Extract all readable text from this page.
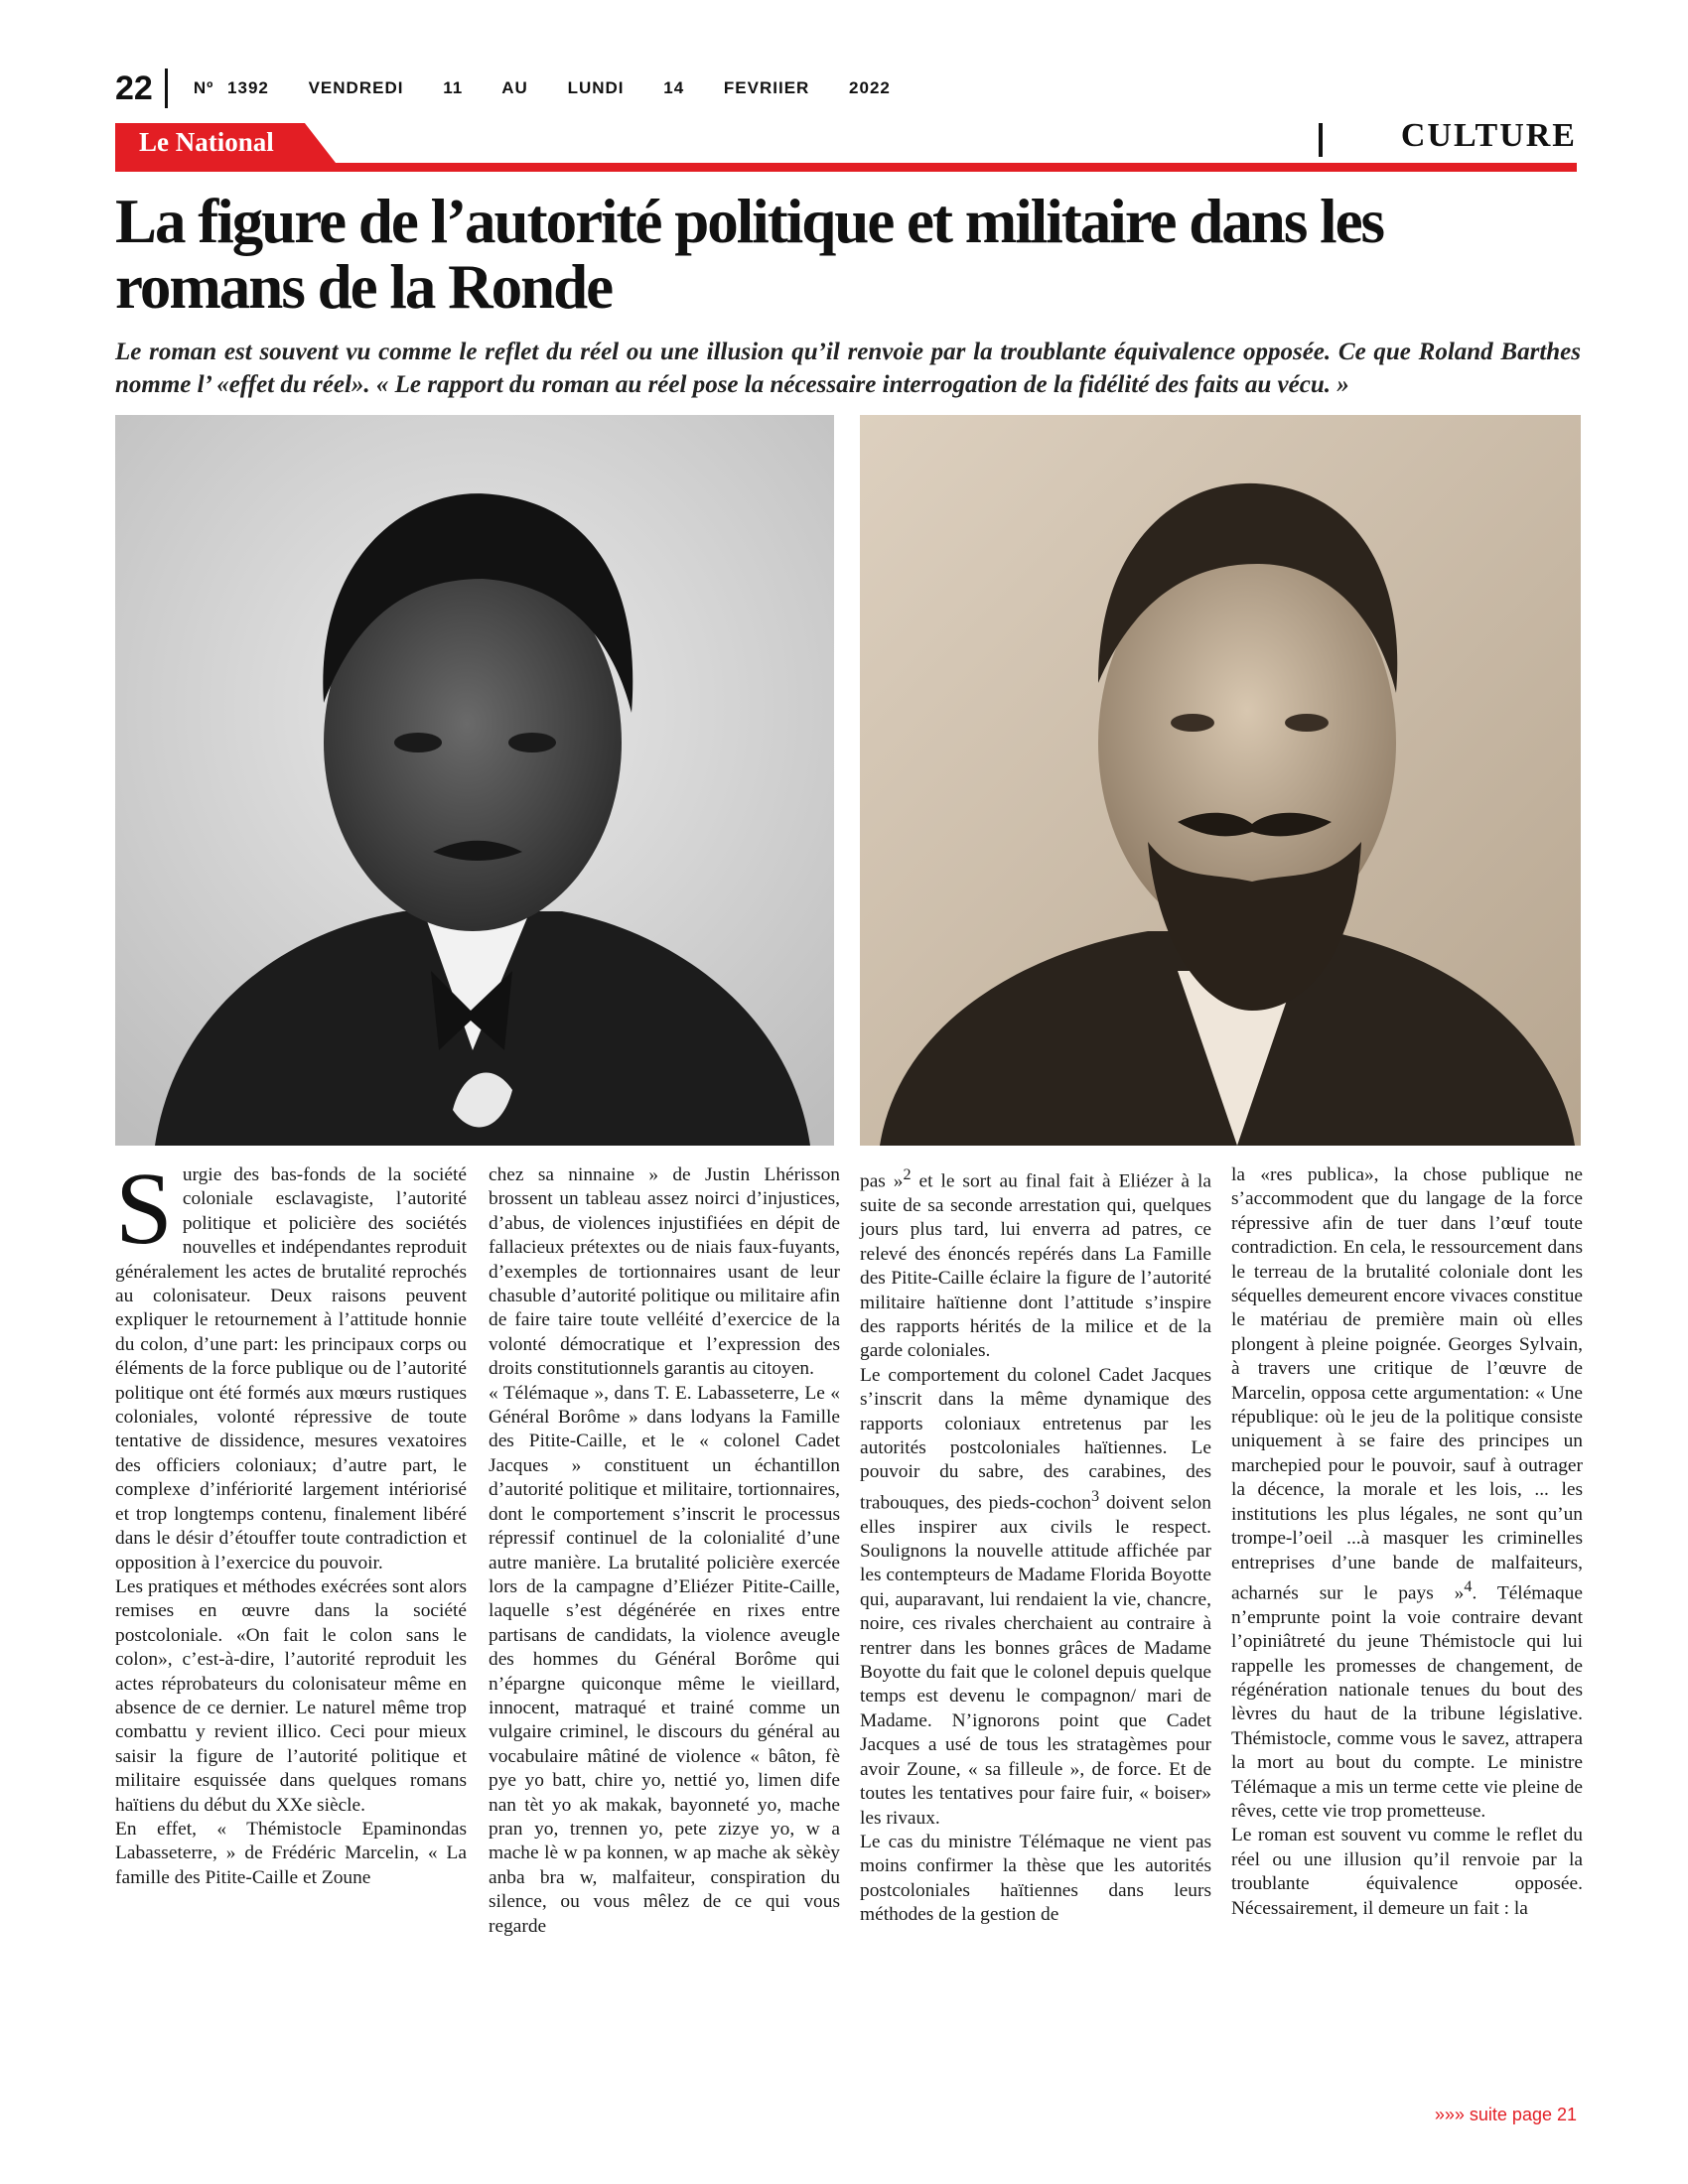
22 Nº 1392 VENDREDI 11 AU LUNDI 14 FEVRIIER 2022
Le National	CULTURE
La figure de l’autorité politique et militaire dans les romans de la Ronde

Le roman est souvent vu comme le reflet du réel ou une illusion qu’il renvoie par la troublante équivalence opposée. Ce que Roland Barthes nomme l’ «effet du réel». « Le rapport du roman au réel pose la nécessaire interrogation de la fidélité des faits au vécu. »

Surgie des bas-fonds de la société coloniale esclavagiste, l’autorité politique et policière des sociétés nouvelles et indépendantes reproduit généralement les actes de brutalité reprochés au colonisateur. Deux raisons peuvent expliquer le retournement à l’attitude honnie du colon, d’une part: les principaux corps ou éléments de la force publique ou de l’autorité politique ont été formés aux mœurs rustiques coloniales, volonté répressive de toute tentative de dissidence, mesures vexatoires des officiers coloniaux; d’autre part, le complexe d’infériorité largement intériorisé et trop longtemps contenu, finalement libéré dans le désir d’étouffer toute contradiction et opposition à l’exercice du pouvoir.

Les pratiques et méthodes exécrées sont alors remises en œuvre dans la société postcoloniale. «On fait le colon sans le colon», c’est-à-dire, l’autorité reproduit les actes réprobateurs du colonisateur même en absence de ce dernier. Le naturel même trop combattu y revient illico. Ceci pour mieux saisir la figure de l’autorité politique et militaire esquissée dans quelques romans haïtiens du début du XXe siècle.

En effet, « Thémistocle Epaminondas Labasseterre, » de Frédéric Marcelin, « La famille des Pitite-Caille et Zoune

chez sa ninnaine » de Justin Lhérisson brossent un tableau assez noirci d’injustices, d’abus, de violences injustifiées en dépit de fallacieux prétextes ou de niais faux-fuyants, d’exemples de tortionnaires usant de leur chasuble d’autorité politique ou militaire afin de faire taire toute velléité d’exercice de la volonté démocratique et l’expression des droits constitutionnels garantis au citoyen.

« Télémaque », dans T. E. Labasseterre, Le « Général Borôme » dans lodyans la Famille des Pitite-Caille, et le « colonel Cadet Jacques » constituent un échantillon d’autorité politique et militaire, tortionnaires, dont le comportement s’inscrit le processus répressif continuel de la colonialité d’une autre manière. La brutalité policière exercée lors de la campagne d’Eliézer Pitite-Caille, laquelle s’est dégénérée en rixes entre partisans de candidats, la violence aveugle des hommes du Général Borôme qui n’épargne quiconque même le vieillard, innocent, matraqué et trainé comme un vulgaire criminel, le discours du général au vocabulaire mâtiné de violence « bâton, fè pye yo batt, chire yo, nettié yo, limen dife nan tèt yo ak makak, bayonneté yo, mache pran yo, trennen yo, pete zizye yo, w a mache lè w pa konnen, w ap mache ak sèkèy anba bra w, malfaiteur, conspiration du silence, ou vous mêlez de ce qui vous regarde

pas »$^2$ et le sort au final fait à Eliézer à la suite de sa seconde arrestation qui, quelques jours plus tard, lui enverra ad patres, ce relevé des énoncés repérés dans La Famille des Pitite-Caille éclaire la figure de l’autorité militaire haïtienne dont l’attitude s’inspire des rapports hérités de la milice et de la garde coloniales.

Le comportement du colonel Cadet Jacques s’inscrit dans la même dynamique des rapports coloniaux entretenus par les autorités postcoloniales haïtiennes. Le pouvoir du sabre, des carabines, des trabouques, des pieds-cochon$^3$ doivent selon elles inspirer aux civils le respect. Soulignons la nouvelle attitude affichée par les contempteurs de Madame Florida Boyotte qui, auparavant, lui rendaient la vie, chancre, noire, ces rivales cherchaient au contraire à rentrer dans les bonnes grâces de Madame Boyotte du fait que le colonel depuis quelque temps est devenu le compagnon/ mari de Madame. N’ignorons point que Cadet Jacques a usé de tous les stratagèmes pour avoir Zoune, « sa filleule », de force. Et de toutes les tentatives pour faire fuir, « boiser» les rivaux.

Le cas du ministre Télémaque ne vient pas moins confirmer la thèse que les autorités postcoloniales haïtiennes dans leurs méthodes de la gestion de

la «res publica», la chose publique ne s’accommodent que du langage de la force répressive afin de tuer dans l’œuf toute contradiction. En cela, le ressourcement dans le terreau de la brutalité coloniale dont les séquelles demeurent encore vivaces constitue le matériau de première main où elles plongent à pleine poignée. Georges Sylvain, à travers une critique de l’œuvre de Marcelin, opposa cette argumentation: « Une république: où le jeu de la politique consiste uniquement à se faire des principes un marchepied pour le pouvoir, sauf à outrager la décence, la morale et les lois, ... les institutions les plus légales, ne sont qu’un trompe-l’oeil ...à masquer les criminelles entreprises d’une bande de malfaiteurs, acharnés sur le pays »$^4$. Télémaque n’emprunte point la voie contraire devant l’opiniâtreté du jeune Thémistocle qui lui rappelle les promesses de changement, de régénération nationale tenues du bout des lèvres du haut de la tribune législative. Thémistocle, comme vous le savez, attrapera la mort au bout du compte. Le ministre Télémaque a mis un terme cette vie pleine de rêves, cette vie trop prometteuse.

Le roman est souvent vu comme le reflet du réel ou une illusion qu’il renvoie par la troublante équivalence opposée. Nécessairement, il demeure un fait : la

»»» suite page 21
